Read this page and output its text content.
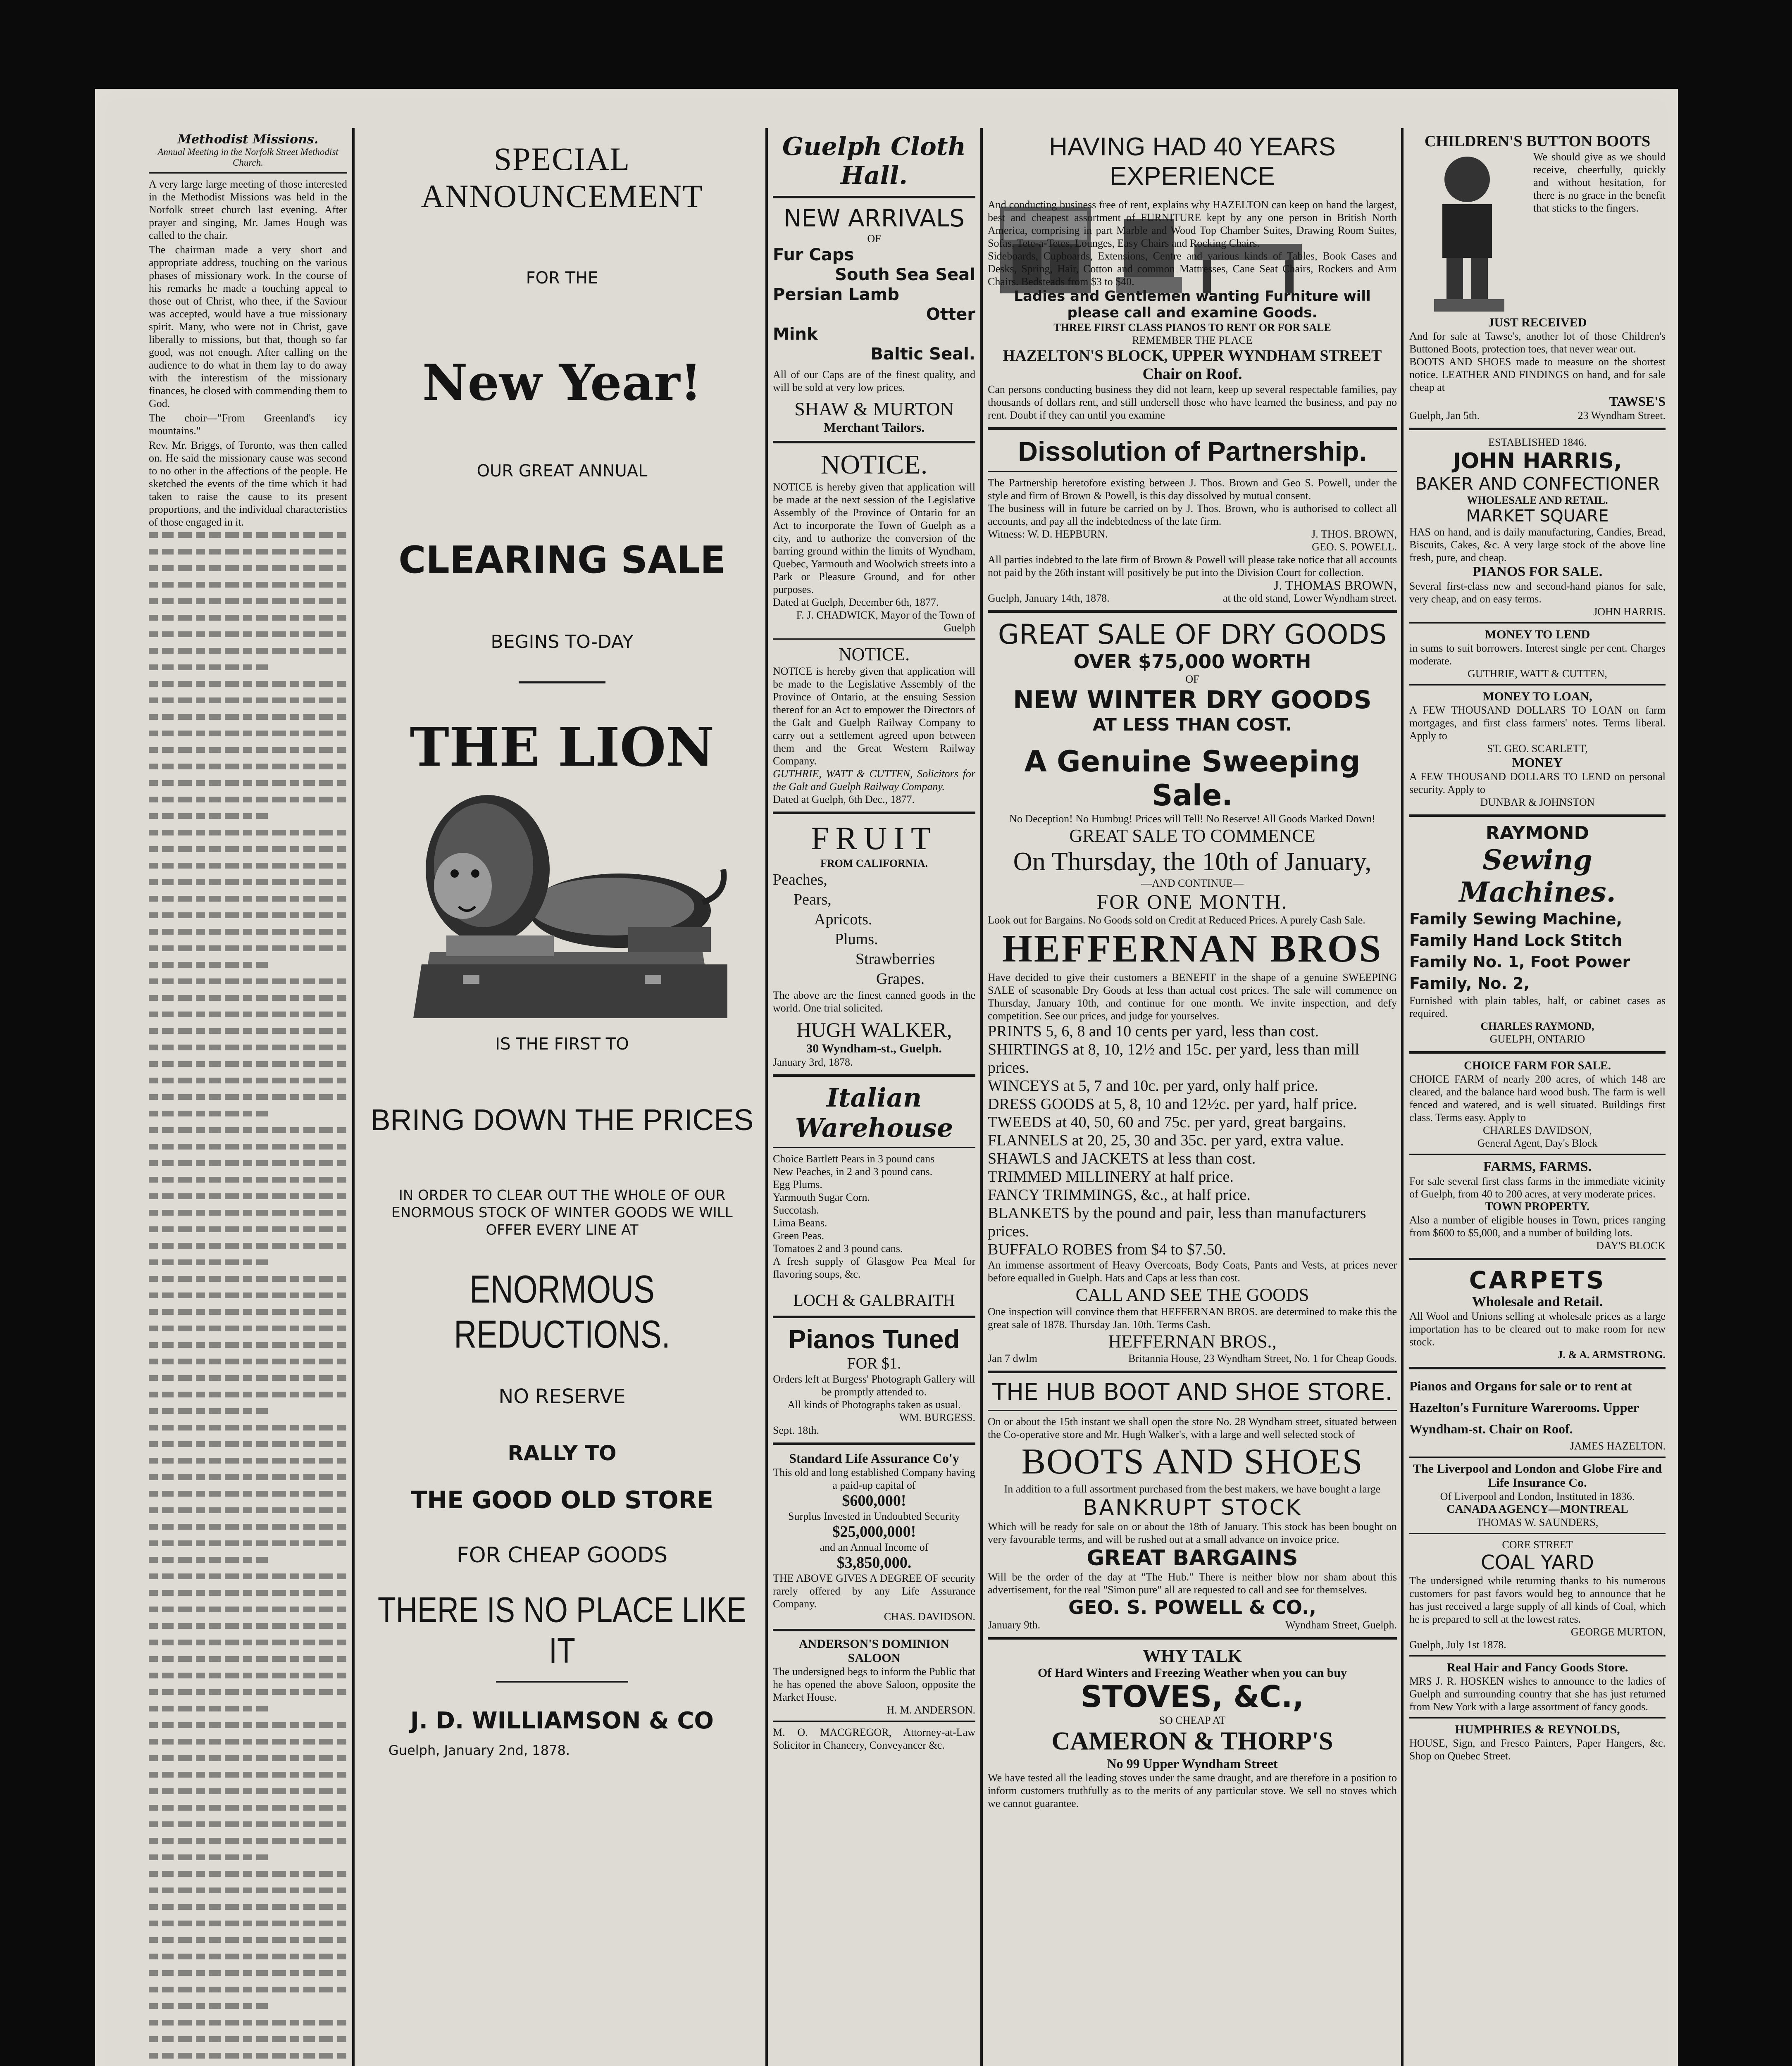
Methodist Missions.
Annual Meeting in the Norfolk Street Methodist Church.

A very large large meeting of those interested in the Methodist Missions was held in the Norfolk street church last evening. After prayer and singing, Mr. James Hough was called to the chair.

The chairman made a very short and appropriate address, touching on the various phases of missionary work. In the course of his remarks he made a touching appeal to those out of Christ, who thee, if the Saviour was accepted, would have a true missionary spirit. Many, who were not in Christ, gave liberally to missions, but that, though so far good, was not enough. After calling on the audience to do what in them lay to do away with the interestism of the missionary finances, he closed with commending them to God.

The choir—"From Greenland's icy mountains."

Rev. Mr. Briggs, of Toronto, was then called on. He said the missionary cause was second to no other in the affections of the people. He sketched the events of the time which it had taken to raise the cause to its present proportions, and the individual characteristics of those engaged in it.

SPECIAL ANNOUNCEMENT
FOR THE
New Year!
OUR GREAT ANNUAL
CLEARING SALE
BEGINS TO-DAY
THE LION
IS THE FIRST TO
BRING DOWN THE PRICES
IN ORDER TO CLEAR OUT THE WHOLE OF OUR ENORMOUS STOCK OF WINTER GOODS WE WILL OFFER EVERY LINE AT
ENORMOUS REDUCTIONS.
NO RESERVE
RALLY TO
THE GOOD OLD STORE
FOR CHEAP GOODS
THERE IS NO PLACE LIKE IT
J. D. WILLIAMSON & CO
Guelph, January 2nd, 1878.
Guelph Cloth Hall.
NEW ARRIVALS
OF
Fur Caps
South Sea Seal
Persian Lamb
Otter
Mink
Baltic Seal.
All of our Caps are of the finest quality, and will be sold at very low prices.
SHAW & MURTON
Merchant Tailors.
NOTICE.
NOTICE is hereby given that application will be made at the next session of the Legislative Assembly of the Province of Ontario for an Act to incorporate the Town of Guelph as a city, and to authorize the conversion of the barring ground within the limits of Wyndham, Quebec, Yarmouth and Woolwich streets into a Park or Pleasure Ground, and for other purposes.
Dated at Guelph, December 6th, 1877.
F. J. CHADWICK, Mayor of the Town of Guelph
NOTICE.
NOTICE is hereby given that application will be made to the Legislative Assembly of the Province of Ontario, at the ensuing Session thereof for an Act to empower the Directors of the Galt and Guelph Railway Company to carry out a settlement agreed upon between them and the Great Western Railway Company.
GUTHRIE, WATT & CUTTEN, Solicitors for the Galt and Guelph Railway Company.
Dated at Guelph, 6th Dec., 1877.
FRUIT
FROM CALIFORNIA.
Peaches,
Pears,
Apricots.
Plums.
Strawberries
Grapes.
The above are the finest canned goods in the world. One trial solicited.
HUGH WALKER,
30 Wyndham-st., Guelph.
January 3rd, 1878.
Italian Warehouse
Choice Bartlett Pears in 3 pound cans
New Peaches, in 2 and 3 pound cans.
Egg Plums.
Yarmouth Sugar Corn.
Succotash.
Lima Beans.
Green Peas.
Tomatoes 2 and 3 pound cans.
A fresh supply of Glasgow Pea Meal for flavoring soups, &c.
LOCH & GALBRAITH
Pianos Tuned
FOR $1.
Orders left at Burgess' Photograph Gallery will be promptly attended to.
All kinds of Photographs taken as usual.
WM. BURGESS.
Sept. 18th.
Standard Life Assurance Co'y
This old and long established Company having a paid-up capital of
$600,000!
Surplus Invested in Undoubted Security
$25,000,000!
and an Annual Income of
$3,850,000.
THE ABOVE GIVES A DEGREE OF security rarely offered by any Life Assurance Company.
CHAS. DAVIDSON.
ANDERSON'S DOMINION SALOON
The undersigned begs to inform the Public that he has opened the above Saloon, opposite the Market House.
H. M. ANDERSON.
M. O. MACGREGOR, Attorney-at-Law Solicitor in Chancery, Conveyancer &c.
HAVING HAD 40 YEARS EXPERIENCE
And conducting business free of rent, explains why HAZELTON can keep on hand the largest, best and cheapest assortment of FURNITURE kept by any one person in British North America, comprising in part Marble and Wood Top Chamber Suites, Drawing Room Suites, Sofas, Tete-a-Tetes, Lounges, Easy Chairs and Rocking Chairs.
Sideboards, Cupboards, Extensions, Centre and various kinds of Tables, Book Cases and Desks, Spring, Hair, Cotton and common Mattresses, Cane Seat Chairs, Rockers and Arm Chairs. Bedsteads from $3 to $40.
Ladies and Gentlemen wanting Furniture will please call and examine Goods.
THREE FIRST CLASS PIANOS TO RENT OR FOR SALE
REMEMBER THE PLACE
HAZELTON'S BLOCK, UPPER WYNDHAM STREET
Chair on Roof.
Can persons conducting business they did not learn, keep up several respectable families, pay thousands of dollars rent, and still undersell those who have learned the business, and pay no rent. Doubt if they can until you examine
Dissolution of Partnership.
The Partnership heretofore existing between J. Thos. Brown and Geo S. Powell, under the style and firm of Brown & Powell, is this day dissolved by mutual consent.
The business will in future be carried on by J. Thos. Brown, who is authorised to collect all accounts, and pay all the indebtedness of the late firm.
Witness: W. D. HEPBURN.	J. THOS. BROWN,
GEO. S. POWELL.
All parties indebted to the late firm of Brown & Powell will please take notice that all accounts not paid by the 26th instant will positively be put into the Division Court for collection.
J. THOMAS BROWN,
Guelph, January 14th, 1878.	at the old stand, Lower Wyndham street.
GREAT SALE OF DRY GOODS
OVER $75,000 WORTH
OF
NEW WINTER DRY GOODS
AT LESS THAN COST.
A Genuine Sweeping Sale.
No Deception! No Humbug! Prices will Tell! No Reserve! All Goods Marked Down!
GREAT SALE TO COMMENCE
On Thursday, the 10th of January,
—AND CONTINUE—
FOR ONE MONTH.
Look out for Bargains. No Goods sold on Credit at Reduced Prices. A purely Cash Sale.
HEFFERNAN BROS
Have decided to give their customers a BENEFIT in the shape of a genuine SWEEPING SALE of seasonable Dry Goods at less than actual cost prices. The sale will commence on Thursday, January 10th, and continue for one month. We invite inspection, and defy competition. See our prices, and judge for yourselves.
PRINTS 5, 6, 8 and 10 cents per yard, less than cost.
SHIRTINGS at 8, 10, 12½ and 15c. per yard, less than mill prices.
WINCEYS at 5, 7 and 10c. per yard, only half price.
DRESS GOODS at 5, 8, 10 and 12½c. per yard, half price.
TWEEDS at 40, 50, 60 and 75c. per yard, great bargains.
FLANNELS at 20, 25, 30 and 35c. per yard, extra value.
SHAWLS and JACKETS at less than cost.
TRIMMED MILLINERY at half price.
FANCY TRIMMINGS, &c., at half price.
BLANKETS by the pound and pair, less than manufacturers prices.
BUFFALO ROBES from $4 to $7.50.
An immense assortment of Heavy Overcoats, Body Coats, Pants and Vests, at prices never before equalled in Guelph. Hats and Caps at less than cost.
CALL AND SEE THE GOODS
One inspection will convince them that HEFFERNAN BROS. are determined to make this the great sale of 1878. Thursday Jan. 10th. Terms Cash.
HEFFERNAN BROS.,
Jan 7 dwlm	Britannia House, 23 Wyndham Street, No. 1 for Cheap Goods.
THE HUB BOOT AND SHOE STORE.
On or about the 15th instant we shall open the store No. 28 Wyndham street, situated between the Co-operative store and Mr. Hugh Walker's, with a large and well selected stock of
BOOTS AND SHOES
In addition to a full assortment purchased from the best makers, we have bought a large
BANKRUPT STOCK
Which will be ready for sale on or about the 18th of January. This stock has been bought on very favourable terms, and will be rushed out at a small advance on invoice price.
GREAT BARGAINS
Will be the order of the day at "The Hub." There is neither blow nor sham about this advertisement, for the real "Simon pure" all are requested to call and see for themselves.
GEO. S. POWELL & CO.,
January 9th.	Wyndham Street, Guelph.
WHY TALK
Of Hard Winters and Freezing Weather when you can buy
STOVES, &C.,
SO CHEAP AT
CAMERON & THORP'S
No 99 Upper Wyndham Street
We have tested all the leading stoves under the same draught, and are therefore in a position to inform customers truthfully as to the merits of any particular stove. We sell no stoves which we cannot guarantee.
CHILDREN'S BUTTON BOOTS
We should give as we should receive, cheerfully, quickly and without hesitation, for there is no grace in the benefit that sticks to the fingers.
JUST RECEIVED
And for sale at Tawse's, another lot of those Children's Buttoned Boots, protection toes, that never wear out.
BOOTS AND SHOES made to measure on the shortest notice. LEATHER AND FINDINGS on hand, and for sale cheap at
TAWSE'S
Guelph, Jan 5th.	23 Wyndham Street.
ESTABLISHED 1846.
JOHN HARRIS,
BAKER AND CONFECTIONER
WHOLESALE AND RETAIL.
MARKET SQUARE
HAS on hand, and is daily manufacturing, Candies, Bread, Biscuits, Cakes, &c. A very large stock of the above line fresh, pure, and cheap.
PIANOS FOR SALE.
Several first-class new and second-hand pianos for sale, very cheap, and on easy terms.
JOHN HARRIS.
MONEY TO LEND
in sums to suit borrowers. Interest single per cent. Charges moderate.
GUTHRIE, WATT & CUTTEN,
MONEY TO LOAN,
A FEW THOUSAND DOLLARS TO LOAN on farm mortgages, and first class farmers' notes. Terms liberal. Apply to
ST. GEO. SCARLETT,
MONEY
A FEW THOUSAND DOLLARS TO LEND on personal security. Apply to
DUNBAR & JOHNSTON
RAYMOND
Sewing Machines.
Family Sewing Machine,
Family Hand Lock Stitch
Family No. 1, Foot Power
Family, No. 2,
Furnished with plain tables, half, or cabinet cases as required.
CHARLES RAYMOND,
GUELPH, ONTARIO
CHOICE FARM FOR SALE.
CHOICE FARM of nearly 200 acres, of which 148 are cleared, and the balance hard wood bush. The farm is well fenced and watered, and is well situated. Buildings first class. Terms easy. Apply to
CHARLES DAVIDSON,
General Agent, Day's Block
FARMS, FARMS.
For sale several first class farms in the immediate vicinity of Guelph, from 40 to 200 acres, at very moderate prices.
TOWN PROPERTY.
Also a number of eligible houses in Town, prices ranging from $600 to $5,000, and a number of building lots.
DAY'S BLOCK
CARPETS
Wholesale and Retail.
All Wool and Unions selling at wholesale prices as a large importation has to be cleared out to make room for new stock.
J. & A. ARMSTRONG.
Pianos and Organs for sale or to rent at Hazelton's Furniture Warerooms. Upper Wyndham-st. Chair on Roof.
JAMES HAZELTON.
The Liverpool and London and Globe Fire and Life Insurance Co.
Of Liverpool and London, Instituted in 1836.
CANADA AGENCY—MONTREAL
THOMAS W. SAUNDERS,
CORE STREET
COAL YARD
The undersigned while returning thanks to his numerous customers for past favors would beg to announce that he has just received a large supply of all kinds of Coal, which he is prepared to sell at the lowest rates.
GEORGE MURTON,
Guelph, July 1st 1878.
Real Hair and Fancy Goods Store.
MRS J. R. HOSKEN wishes to announce to the ladies of Guelph and surrounding country that she has just returned from New York with a large assortment of fancy goods.
HUMPHRIES & REYNOLDS,
HOUSE, Sign, and Fresco Painters, Paper Hangers, &c. Shop on Quebec Street.
